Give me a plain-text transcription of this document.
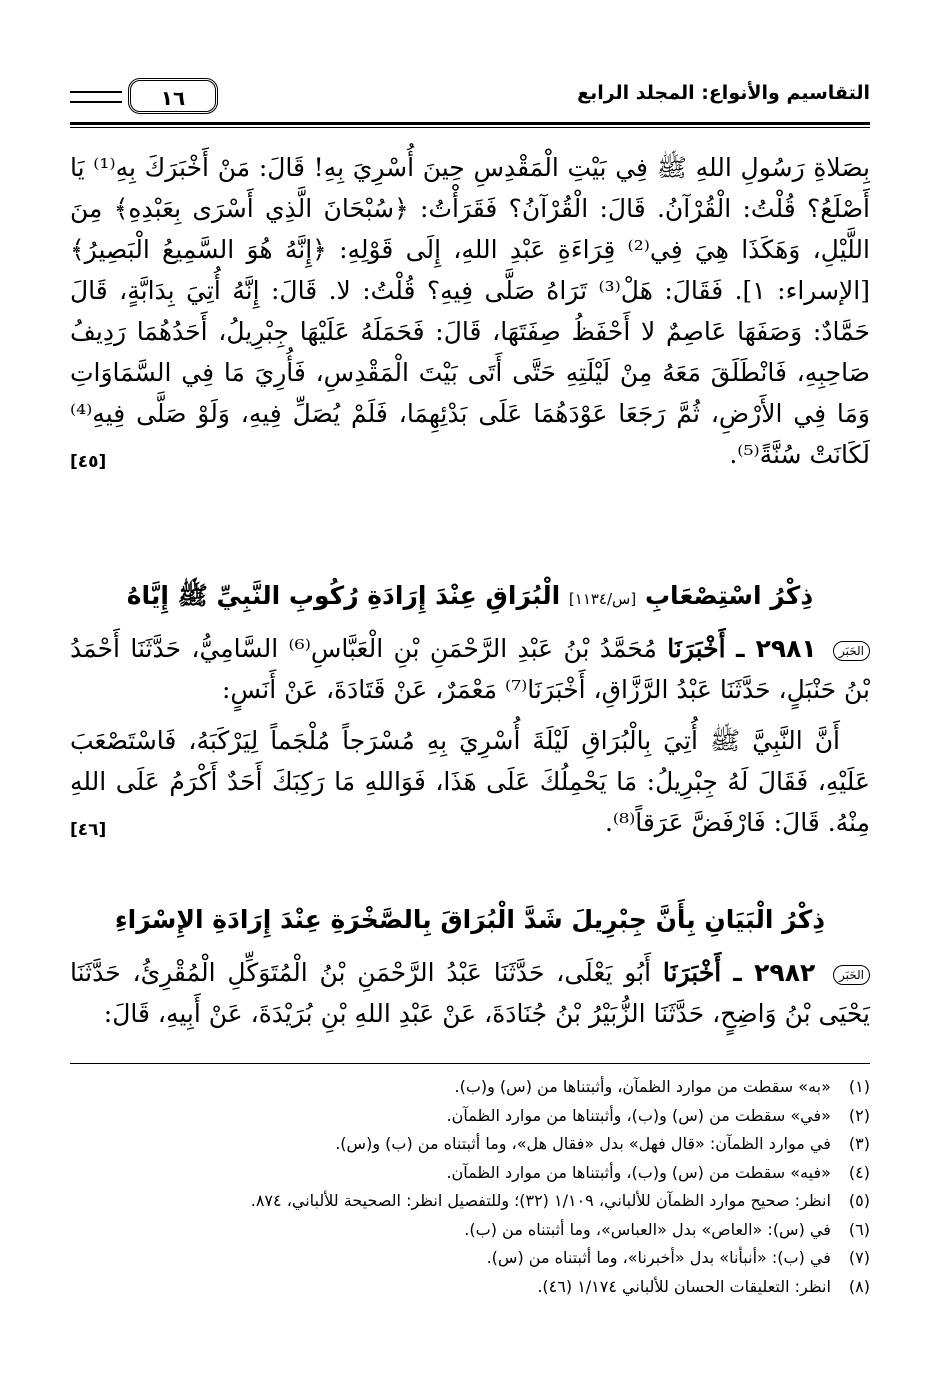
التقاسيم والأنواع: المجلد الرابع
١٦

بِصَلاةِ رَسُولِ اللهِ ﷺ فِي بَيْتِ الْمَقْدِسِ حِينَ أُسْرِيَ بِهِ! قَالَ: مَنْ أَخْبَرَكَ بِهِ⁽¹⁾ يَا أَصْلَعُ؟ قُلْتُ: الْقُرْآنُ. قَالَ: الْقُرْآنُ؟ فَقَرَأْتُ: ﴿سُبْحَانَ الَّذِي أَسْرَى بِعَبْدِهِ﴾ مِنَ اللَّيْلِ، وَهَكَذَا هِيَ فِي⁽²⁾ قِرَاءَةِ عَبْدِ اللهِ، إِلَى قَوْلِهِ: ﴿إِنَّهُ هُوَ السَّمِيعُ الْبَصِيرُ﴾ [الإسراء: ١]. فَقَالَ: هَلْ⁽³⁾ تَرَاهُ صَلَّى فِيهِ؟ قُلْتُ: لا. قَالَ: إِنَّهُ أُتِيَ بِدَابَّةٍ، قَالَ حَمَّادٌ: وَصَفَهَا عَاصِمٌ لا أَحْفَظُ صِفَتَهَا، قَالَ: فَحَمَلَهُ عَلَيْهَا جِبْرِيلُ، أَحَدُهُمَا رَدِيفُ صَاحِبِهِ، فَانْطَلَقَ مَعَهُ مِنْ لَيْلَتِهِ حَتَّى أَتَى بَيْتَ الْمَقْدِسِ، فَأُرِيَ مَا فِي السَّمَاوَاتِ وَمَا فِي الأَرْضِ، ثُمَّ رَجَعَا عَوْدَهُمَا عَلَى بَدْئِهِمَا، فَلَمْ يُصَلِّ فِيهِ، وَلَوْ صَلَّى فِيهِ⁽⁴⁾ لَكَانَتْ سُنَّةً⁽⁵⁾.
[٤٥]

ذِكْرُ اسْتِصْعَابِ [س/١١٣٤] الْبُرَاقِ عِنْدَ إِرَادَةِ رُكُوبِ النَّبِيِّ ﷺ إِيَّاهُ

الحَبَر ٢٩٨١ ـ أَخْبَرَنَا مُحَمَّدُ بْنُ عَبْدِ الرَّحْمَنِ بْنِ الْعَبَّاسِ⁽⁶⁾ السَّامِيُّ، حَدَّثَنَا أَحْمَدُ بْنُ حَنْبَلٍ، حَدَّثَنَا عَبْدُ الرَّزَّاقِ، أَخْبَرَنَا⁽⁷⁾ مَعْمَرٌ، عَنْ قَتَادَةَ، عَنْ أَنَسٍ:

أَنَّ النَّبِيَّ ﷺ أُتِيَ بِالْبُرَاقِ لَيْلَةَ أُسْرِيَ بِهِ مُسْرَجاً مُلْجَماً لِيَرْكَبَهُ، فَاسْتَصْعَبَ عَلَيْهِ، فَقَالَ لَهُ جِبْرِيلُ: مَا يَحْمِلُكَ عَلَى هَذَا، فَوَاللهِ مَا رَكِبَكَ أَحَدٌ أَكْرَمُ عَلَى اللهِ مِنْهُ. قَالَ: فَارْفَضَّ عَرَقاً⁽⁸⁾.
[٤٦]

ذِكْرُ الْبَيَانِ بِأَنَّ جِبْرِيلَ شَدَّ الْبُرَاقَ بِالصَّخْرَةِ عِنْدَ إِرَادَةِ الإِسْرَاءِ

الحَبَر ٢٩٨٢ ـ أَخْبَرَنَا أَبُو يَعْلَى، حَدَّثَنَا عَبْدُ الرَّحْمَنِ بْنُ الْمُتَوَكِّلِ الْمُقْرِئُ، حَدَّثَنَا يَحْيَى بْنُ وَاضِحٍ، حَدَّثَنَا الزُّبَيْرُ بْنُ جُنَادَةَ، عَنْ عَبْدِ اللهِ بْنِ بُرَيْدَةَ، عَنْ أَبِيهِ، قَالَ:

(١) «به» سقطت من موارد الظمآن، وأثبتناها من (س) و(ب).
(٢) «في» سقطت من (س) و(ب)، وأثبتناها من موارد الظمآن.
(٣) في موارد الظمآن: «قال فهل» بدل «فقال هل»، وما أثبتناه من (ب) و(س).
(٤) «فيه» سقطت من (س) و(ب)، وأثبتناها من موارد الظمآن.
(٥) انظر: صحيح موارد الظمآن للألباني، ١/١٠٩ (٣٢)؛ وللتفصيل انظر: الصحيحة للألباني، ٨٧٤.
(٦) في (س): «العاص» بدل «العباس»، وما أثبتناه من (ب).
(٧) في (ب): «أنبأنا» بدل «أخبرنا»، وما أثبتناه من (س).
(٨) انظر: التعليقات الحسان للألباني ١/١٧٤ (٤٦).
